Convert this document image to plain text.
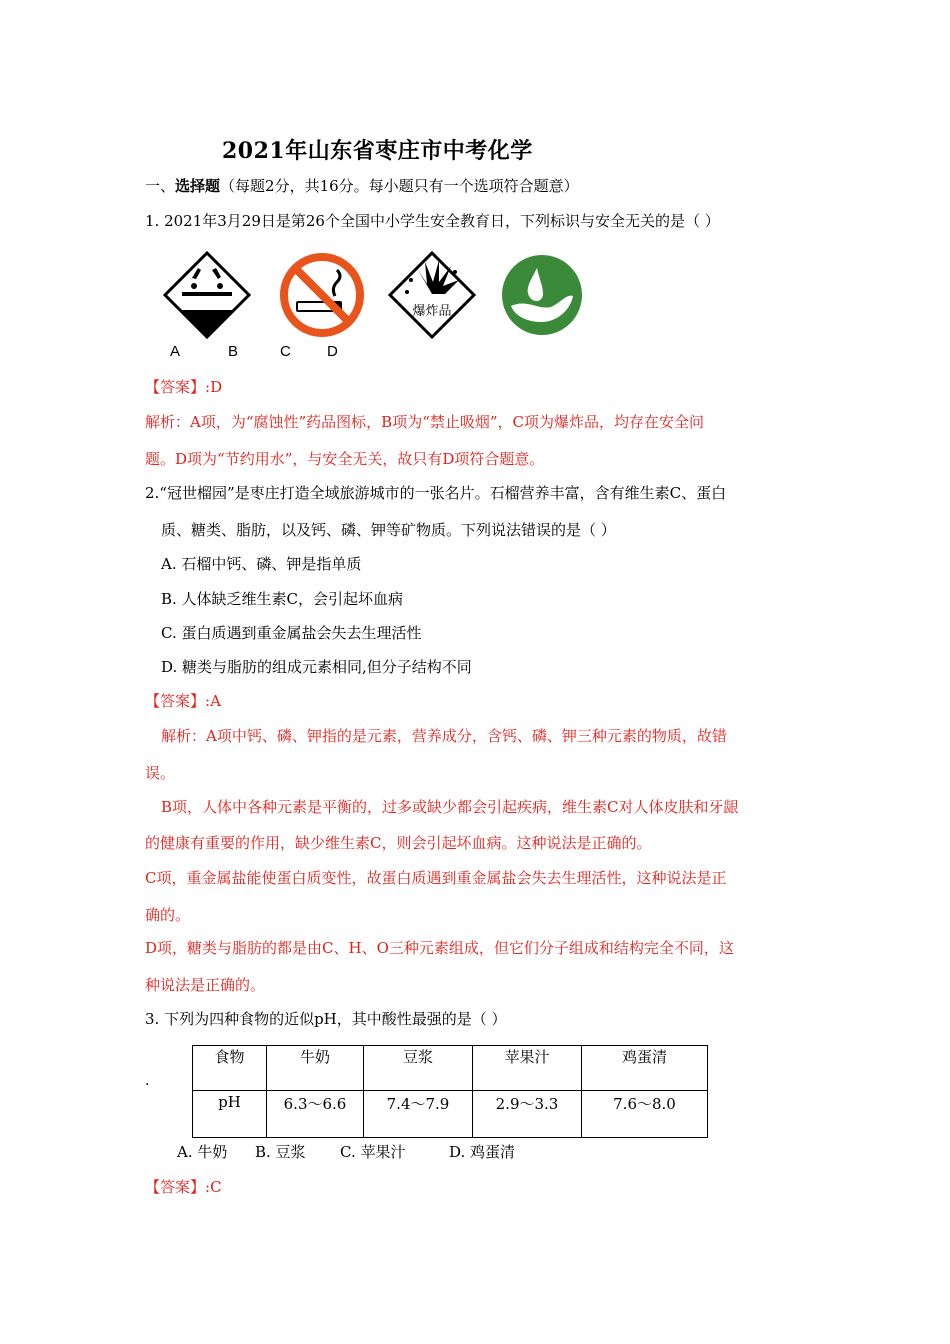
2021年山东省枣庄市中考化学
一、选择题（每题2分，共16分。每小题只有一个选项符合题意）
1. 2021年3月29日是第26个全国中小学生安全教育日，下列标识与安全无关的是（ ）
腐蚀品	爆炸品
A	B	C D
【答案】:D
解析：A项，为“腐蚀性”药品图标，B项为“禁止吸烟”，C项为爆炸品，均存在安全问
题。D项为“节约用水”，与安全无关，故只有D项符合题意。
2.“冠世榴园”是枣庄打造全域旅游城市的一张名片。石榴营养丰富，含有维生素C、蛋白
质、糖类、脂肪，以及钙、磷、钾等矿物质。下列说法错误的是（ ）
A. 石榴中钙、磷、钾是指单质
B. 人体缺乏维生素C，会引起坏血病
C. 蛋白质遇到重金属盐会失去生理活性
D. 糖类与脂肪的组成元素相同,但分子结构不同
【答案】:A
解析：A项中钙、磷、钾指的是元素，营养成分，含钙、磷、钾三种元素的物质，故错
误。
B项，人体中各种元素是平衡的，过多或缺少都会引起疾病，维生素C对人体皮肤和牙龈
的健康有重要的作用，缺少维生素C，则会引起坏血病。这种说法是正确的。
C项，重金属盐能使蛋白质变性，故蛋白质遇到重金属盐会失去生理活性，这种说法是正
确的。
D项，糖类与脂肪的都是由C、H、O三种元素组成，但它们分子组成和结构完全不同，这
种说法是正确的。
3. 下列为四种食物的近似pH，其中酸性最强的是（ ）
.
食物	牛奶	豆浆	苹果汁	鸡蛋清
pH	6.3～6.6	7.4～7.9	2.9～3.3	7.6～8.0
A. 牛奶 B. 豆浆 C. 苹果汁	D. 鸡蛋清
【答案】:C
